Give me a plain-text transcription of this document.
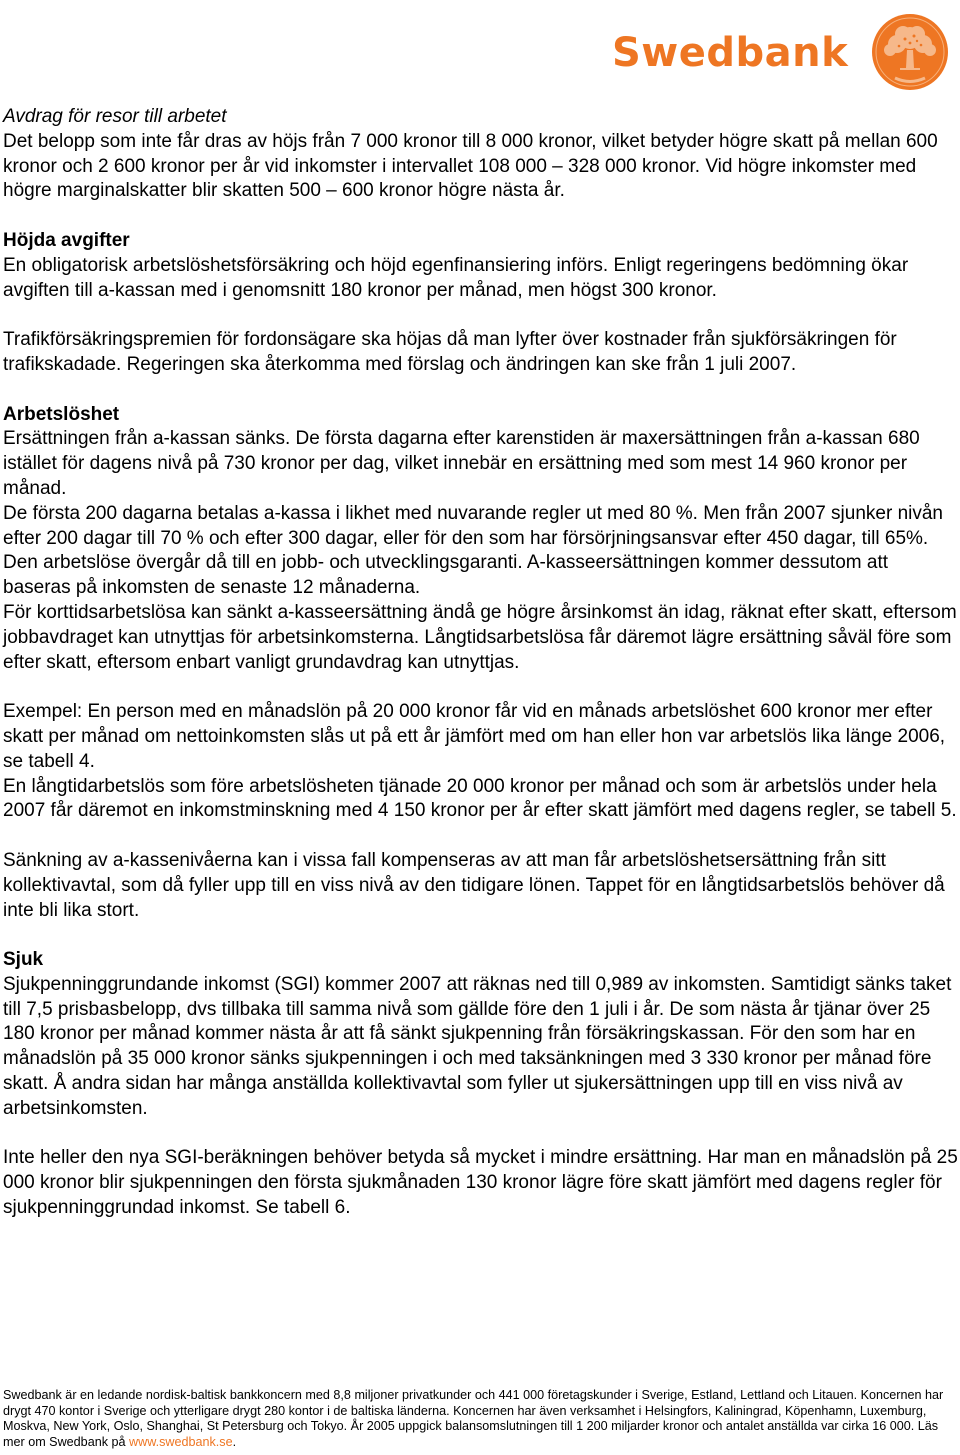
Swedbank

Avdrag för resor till arbetet

Det belopp som inte får dras av höjs från 7 000 kronor till 8 000 kronor, vilket betyder högre skatt på mellan 600 kronor och 2 600 kronor per år vid inkomster i intervallet 108 000 – 328 000 kronor. Vid högre inkomster med högre marginalskatter blir skatten 500 – 600 kronor högre nästa år.

Höjda avgifter

En obligatorisk arbetslöshetsförsäkring och höjd egenfinansiering införs. Enligt regeringens bedömning ökar avgiften till a-kassan med i genomsnitt 180 kronor per månad, men högst 300 kronor.

Trafikförsäkringspremien för fordonsägare ska höjas då man lyfter över kostnader från sjukförsäkringen för trafikskadade. Regeringen ska återkomma med förslag och ändringen kan ske från 1 juli 2007.

Arbetslöshet

Ersättningen från a-kassan sänks. De första dagarna efter karenstiden är maxersättningen från a-kassan 680 istället för dagens nivå på 730 kronor per dag, vilket innebär en ersättning med som mest 14 960 kronor per månad.

De första 200 dagarna betalas a-kassa i likhet med nuvarande regler ut med 80 %. Men från 2007 sjunker nivån efter 200 dagar till 70 % och efter 300 dagar, eller för den som har försörjningsansvar efter 450 dagar, till 65%. Den arbetslöse övergår då till en jobb- och utvecklingsgaranti. A-kasseersättningen kommer dessutom att baseras på inkomsten de senaste 12 månaderna.

För korttidsarbetslösa kan sänkt a-kasseersättning ändå ge högre årsinkomst än idag, räknat efter skatt, eftersom jobbavdraget kan utnyttjas för arbetsinkomsterna. Långtidsarbetslösa får däremot lägre ersättning såväl före som efter skatt, eftersom enbart vanligt grundavdrag kan utnyttjas.

Exempel: En person med en månadslön på 20 000 kronor får vid en månads arbetslöshet 600 kronor mer efter skatt per månad om nettoinkomsten slås ut på ett år jämfört med om han eller hon var arbetslös lika länge 2006, se tabell 4.

En långtidarbetslös som före arbetslösheten tjänade 20 000 kronor per månad och som är arbetslös under hela 2007 får däremot en inkomstminskning med 4 150 kronor per år efter skatt jämfört med dagens regler, se tabell 5.

Sänkning av a-kassenivåerna kan i vissa fall kompenseras av att man får arbetslöshetsersättning från sitt kollektivavtal, som då fyller upp till en viss nivå av den tidigare lönen. Tappet för en långtidsarbetslös behöver då inte bli lika stort.

Sjuk

Sjukpenninggrundande inkomst (SGI) kommer 2007 att räknas ned till 0,989 av inkomsten. Samtidigt sänks taket till 7,5 prisbasbelopp, dvs tillbaka till samma nivå som gällde före den 1 juli i år. De som nästa år tjänar över 25 180 kronor per månad kommer nästa år att få sänkt sjukpenning från försäkringskassan. För den som har en månadslön på 35 000 kronor sänks sjukpenningen i och med taksänkningen med 3 330 kronor per månad före skatt. Å andra sidan har många anställda kollektivavtal som fyller ut sjukersättningen upp till en viss nivå av arbetsinkomsten.

Inte heller den nya SGI-beräkningen behöver betyda så mycket i mindre ersättning. Har man en månadslön på 25 000 kronor blir sjukpenningen den första sjukmånaden 130 kronor lägre före skatt jämfört med dagens regler för sjukpenninggrundad inkomst. Se tabell 6.

Swedbank är en ledande nordisk-baltisk bankkoncern med 8,8 miljoner privatkunder och 441 000 företagskunder i Sverige, Estland, Lettland och Litauen. Koncernen har drygt 470 kontor i Sverige och ytterligare drygt 280 kontor i de baltiska länderna. Koncernen har även verksamhet i Helsingfors, Kaliningrad, Köpenhamn, Luxemburg, Moskva, New York, Oslo, Shanghai, St Petersburg och Tokyo. År 2005 uppgick balansomslutningen till 1 200 miljarder kronor och antalet anställda var cirka 16 000. Läs mer om Swedbank på www.swedbank.se.
